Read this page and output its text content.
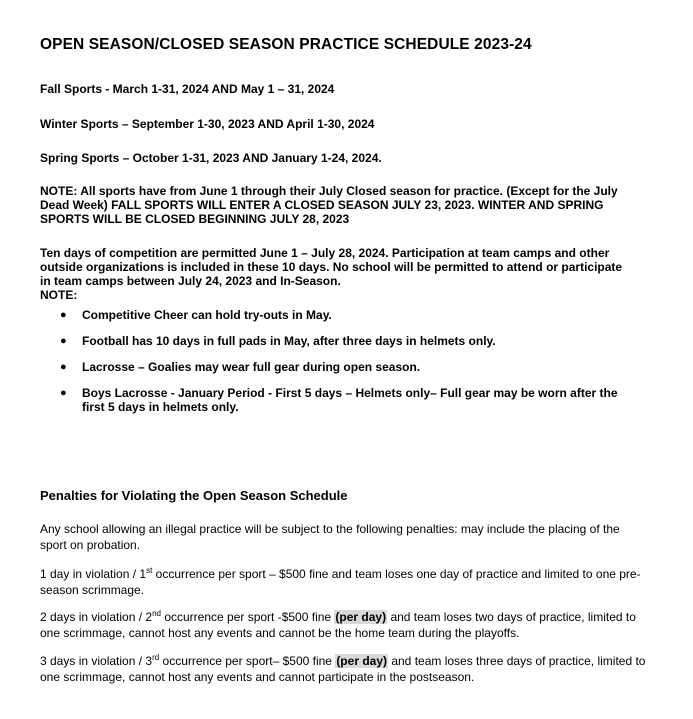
OPEN SEASON/CLOSED SEASON PRACTICE SCHEDULE 2023-24
Fall Sports - March 1-31, 2024 AND May 1 – 31, 2024
Winter Sports – September 1-30, 2023 AND April 1-30, 2024
Spring Sports – October 1-31, 2023 AND January 1-24, 2024.
NOTE: All sports have from June 1 through their July Closed season for practice. (Except for the July
Dead Week) FALL SPORTS WILL ENTER A CLOSED SEASON JULY 23, 2023. WINTER AND SPRING
SPORTS WILL BE CLOSED BEGINNING JULY 28, 2023
Ten days of competition are permitted June 1 – July 28, 2024. Participation at team camps and other
outside organizations is included in these 10 days. No school will be permitted to attend or participate
in team camps between July 24, 2023 and In-Season.
NOTE:
● Competitive Cheer can hold try-outs in May.
● Football has 10 days in full pads in May, after three days in helmets only.
● Lacrosse – Goalies may wear full gear during open season.
● Boys Lacrosse - January Period - First 5 days – Helmets only– Full gear may be worn after the first 5 days in helmets only.
Penalties for Violating the Open Season Schedule
Any school allowing an illegal practice will be subject to the following penalties: may include the placing of the sport on probation.
1 day in violation / 1st occurrence per sport – $500 fine and team loses one day of practice and limited to one pre-season scrimmage.
2 days in violation / 2nd occurrence per sport -$500 fine (per day) and team loses two days of practice, limited to one scrimmage, cannot host any events and cannot be the home team during the playoffs.
3 days in violation / 3rd occurrence per sport– $500 fine (per day) and team loses three days of practice, limited to one scrimmage, cannot host any events and cannot participate in the postseason.
